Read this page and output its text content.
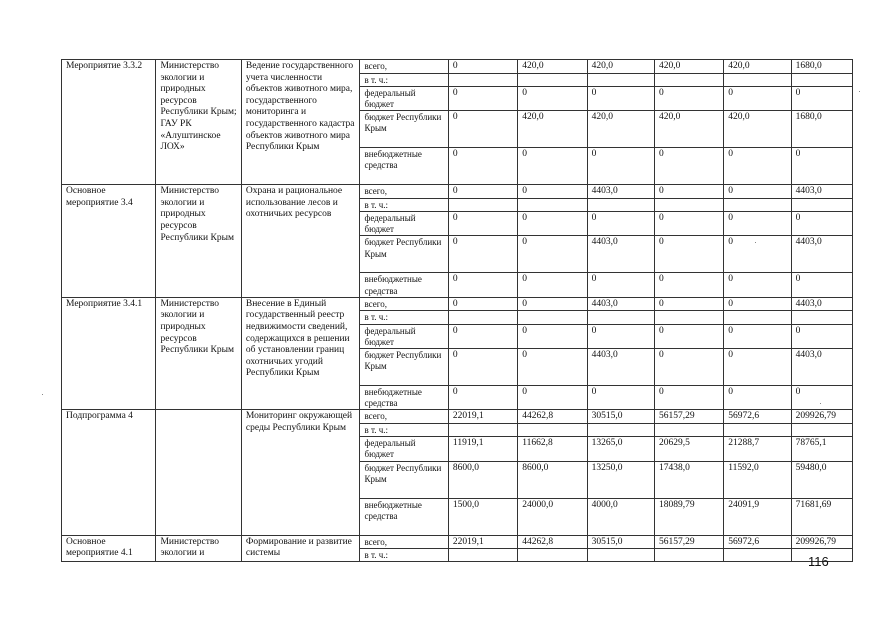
Мероприятие 3.3.2	Министерство экологии и природных ресурсов Республики Крым; ГАУ РК «Алуштинское ЛОХ»	Ведение государственного учета численности объектов животного мира, государственного мониторинга и государственного кадастра объектов животного мира Республики Крым	всего,	0	420,0	420,0	420,0	420,0	1680,0
			в т. ч.:						
			федеральный бюджет	0	0	0	0	0	0
			бюджет Республики Крым	0	420,0	420,0	420,0	420,0	1680,0
			внебюджетные средства	0	0	0	0	0	0
Основное мероприятие 3.4	Министерство экологии и природных ресурсов Республики Крым	Охрана и рациональное использование лесов и охотничьих ресурсов	всего,	0	0	4403,0	0	0	4403,0
			в т. ч.:						
			федеральный бюджет	0	0	0	0	0	0
			бюджет Республики Крым	0	0	4403,0	0	0	4403,0
			внебюджетные средства	0	0	0	0	0	0
Мероприятие 3.4.1	Министерство экологии и природных ресурсов Республики Крым	Внесение в Единый государственный реестр недвижимости сведений, содержащихся в решении об установлении границ охотничьих угодий Республики Крым	всего,	0	0	4403,0	0	0	4403,0
			в т. ч.:						
			федеральный бюджет	0	0	0	0	0	0
			бюджет Республики Крым	0	0	4403,0	0	0	4403,0
			внебюджетные средства	0	0	0	0	0	0
Подпрограмма 4		Мониторинг окружающей среды Республики Крым	всего,	22019,1	44262,8	30515,0	56157,29	56972,6	209926,79
			в т. ч.:						
			федеральный бюджет	11919,1	11662,8	13265,0	20629,5	21288,7	78765,1
			бюджет Республики Крым	8600,0	8600,0	13250,0	17438,0	11592,0	59480,0
			внебюджетные средства	1500,0	24000,0	4000,0	18089,79	24091,9	71681,69
Основное мероприятие 4.1	Министерство экологии и	Формирование и развитие системы	всего,	22019,1	44262,8	30515,0	56157,29	56972,6	209926,79
			в т. ч.:							116
